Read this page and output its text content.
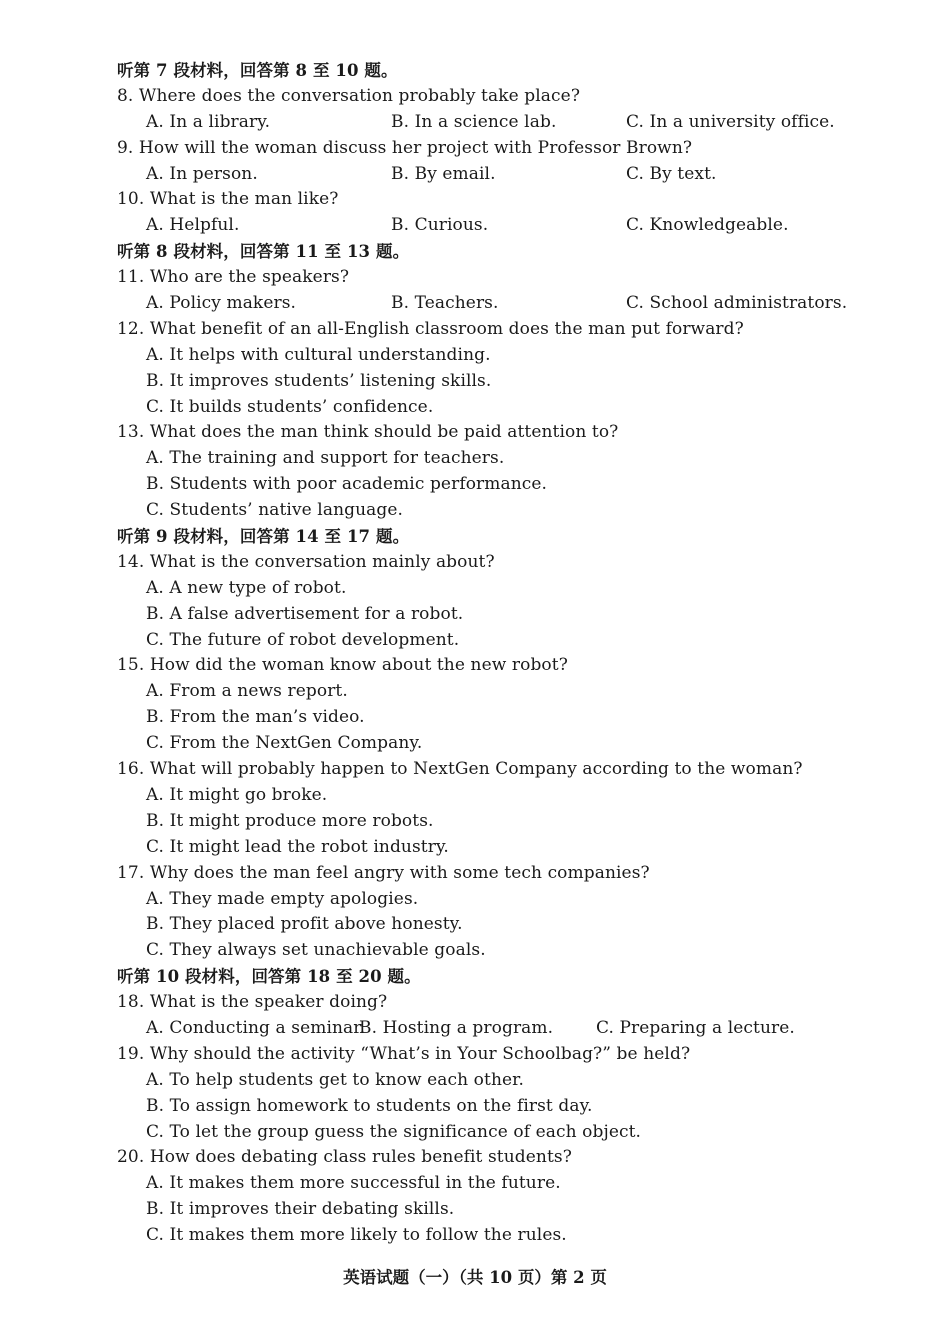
听第 7 段材料，回答第 8 至 10 题。
8. Where does the conversation probably take place?
A. In a library.	B. In a science lab.	C. In a university office.
9. How will the woman discuss her project with Professor Brown?
A. In person.	B. By email.	C. By text.
10. What is the man like?
A. Helpful.	B. Curious.	C. Knowledgeable.
听第 8 段材料，回答第 11 至 13 题。
11. Who are the speakers?
A. Policy makers.	B. Teachers.	C. School administrators.
12. What benefit of an all-English classroom does the man put forward?
A. It helps with cultural understanding.
B. It improves students’ listening skills.
C. It builds students’ confidence.
13. What does the man think should be paid attention to?
A. The training and support for teachers.
B. Students with poor academic performance.
C. Students’ native language.
听第 9 段材料，回答第 14 至 17 题。
14. What is the conversation mainly about?
A. A new type of robot.
B. A false advertisement for a robot.
C. The future of robot development.
15. How did the woman know about the new robot?
A. From a news report.
B. From the man’s video.
C. From the NextGen Company.
16. What will probably happen to NextGen Company according to the woman?
A. It might go broke.
B. It might produce more robots.
C. It might lead the robot industry.
17. Why does the man feel angry with some tech companies?
A. They made empty apologies.
B. They placed profit above honesty.
C. They always set unachievable goals.
听第 10 段材料，回答第 18 至 20 题。
18. What is the speaker doing?
A. Conducting a seminar.
B. Hosting a program.	C. Preparing a lecture.
19. Why should the activity “What’s in Your Schoolbag?” be held?
A. To help students get to know each other.
B. To assign homework to students on the first day.
C. To let the group guess the significance of each object.
20. How does debating class rules benefit students?
A. It makes them more successful in the future.
B. It improves their debating skills.
C. It makes them more likely to follow the rules.
英语试题（一）（共 10 页）第 2 页
